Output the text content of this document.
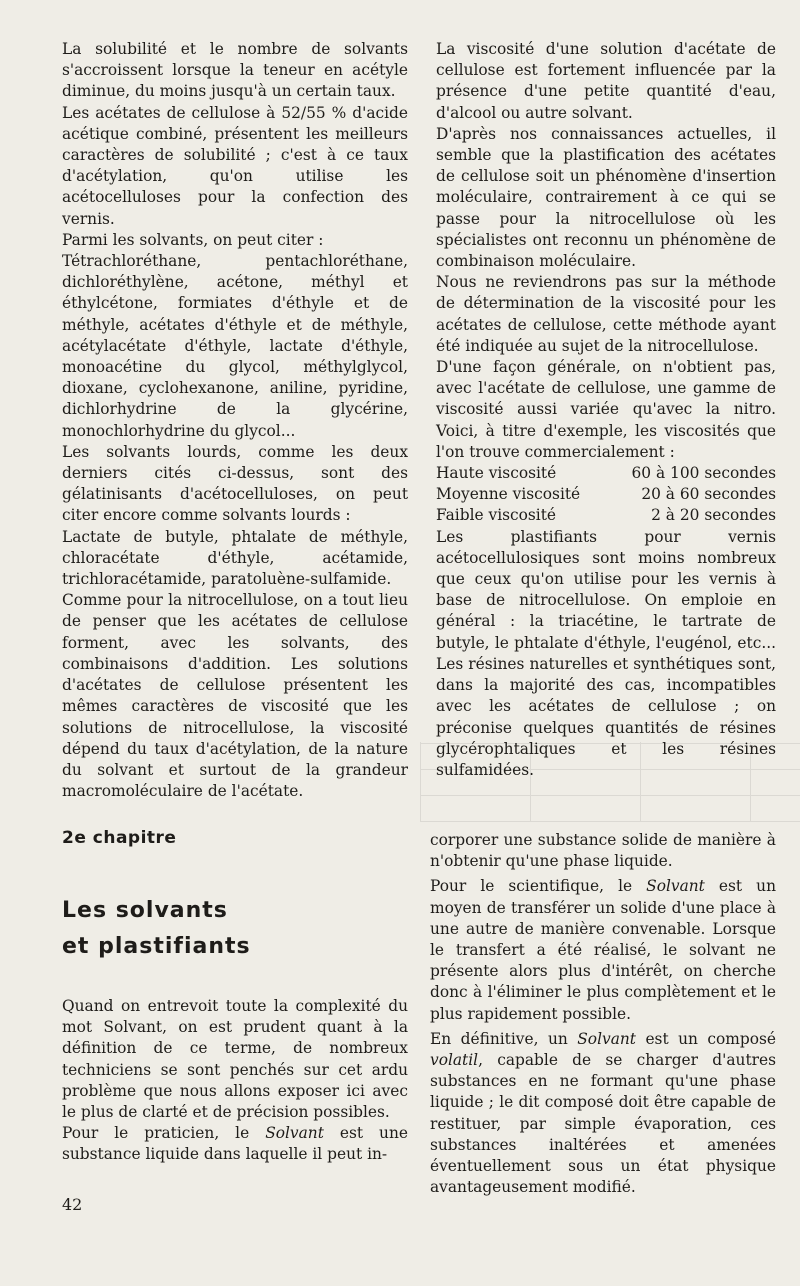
La solubilité et le nombre de solvants s'accroissent lorsque la teneur en acétyle diminue, du moins jusqu'à un certain taux.

Les acétates de cellulose à 52/55 % d'acide acétique combiné, présentent les meilleurs caractères de solubilité ; c'est à ce taux d'acétylation, qu'on utilise les acétocelluloses pour la confection des vernis.

Parmi les solvants, on peut citer :

Tétrachloréthane, pentachloréthane, dichloréthylène, acétone, méthyl et éthylcétone, formiates d'éthyle et de méthyle, acétates d'éthyle et de méthyle, acétylacétate d'éthyle, lactate d'éthyle, monoacétine du glycol, méthylglycol, dioxane, cyclohexanone, aniline, pyridine, dichlorhydrine de la glycérine, monochlorhydrine du glycol...

Les solvants lourds, comme les deux derniers cités ci-dessus, sont des gélatinisants d'acétocelluloses, on peut citer encore comme solvants lourds :

Lactate de butyle, phtalate de méthyle, chloracétate d'éthyle, acétamide, trichloracétamide, paratoluène-sulfamide.

Comme pour la nitrocellulose, on a tout lieu de penser que les acétates de cellulose forment, avec les solvants, des combinaisons d'addition. Les solutions d'acétates de cellulose présentent les mêmes caractères de viscosité que les solutions de nitrocellulose, la viscosité dépend du taux d'acétylation, de la nature du solvant et surtout de la grandeur macromoléculaire de l'acétate.

La viscosité d'une solution d'acétate de cellulose est fortement influencée par la présence d'une petite quantité d'eau, d'alcool ou autre solvant.

D'après nos connaissances actuelles, il semble que la plastification des acétates de cellulose soit un phénomène d'insertion moléculaire, contrairement à ce qui se passe pour la nitrocellulose où les spécialistes ont reconnu un phénomène de combinaison moléculaire.

Nous ne reviendrons pas sur la méthode de détermination de la viscosité pour les acétates de cellulose, cette méthode ayant été indiquée au sujet de la nitrocellulose.

D'une façon générale, on n'obtient pas, avec l'acétate de cellulose, une gamme de viscosité aussi variée qu'avec la nitro. Voici, à titre d'exemple, les viscosités que l'on trouve commercialement :

Haute viscosité	60 à 100 secondes
Moyenne viscosité	20 à 60 secondes
Faible viscosité	2 à 20 secondes

Les plastifiants pour vernis acétocellulosiques sont moins nombreux que ceux qu'on utilise pour les vernis à base de nitrocellulose. On emploie en général : la triacétine, le tartrate de butyle, le phtalate d'éthyle, l'eugénol, etc... Les résines naturelles et synthétiques sont, dans la majorité des cas, incompatibles avec les acétates de cellulose ; on préconise quelques quantités de résines glycérophtaliques et les résines sulfamidées.

2e chapitre
Les solvants
et plastifiants

Quand on entrevoit toute la complexité du mot Solvant, on est prudent quant à la définition de ce terme, de nombreux techniciens se sont penchés sur cet ardu problème que nous allons exposer ici avec le plus de clarté et de précision possibles.

Pour le praticien, le Solvant est une substance liquide dans laquelle il peut in-

corporer une substance solide de manière à n'obtenir qu'une phase liquide.

Pour le scientifique, le Solvant est un moyen de transférer un solide d'une place à une autre de manière convenable. Lorsque le transfert a été réalisé, le solvant ne présente alors plus d'intérêt, on cherche donc à l'éliminer le plus complètement et le plus rapidement possible.

En définitive, un Solvant est un composé volatil, capable de se charger d'autres substances en ne formant qu'une phase liquide ; le dit composé doit être capable de restituer, par simple évaporation, ces substances inaltérées et amenées éventuellement sous un état physique avantageusement modifié.

42
